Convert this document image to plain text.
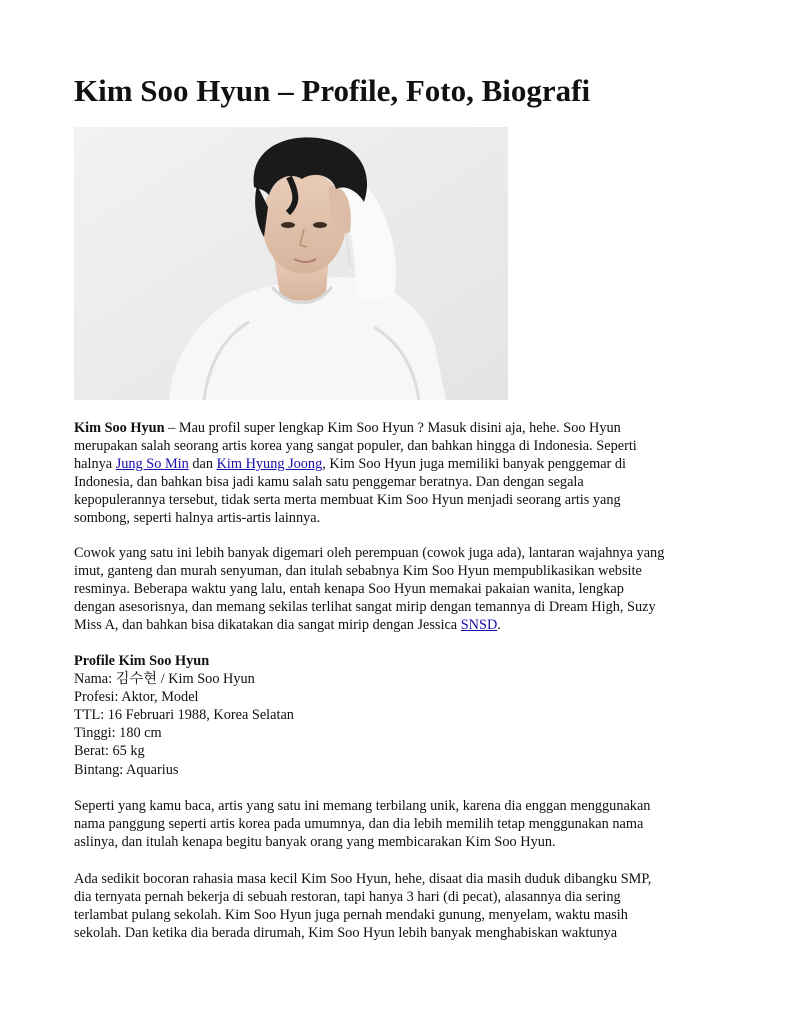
Kim Soo Hyun – Profile, Foto, Biografi
Kim Soo Hyun – Mau profil super lengkap Kim Soo Hyun ? Masuk disini aja, hehe. Soo Hyun
merupakan salah seorang artis korea yang sangat populer, dan bahkan hingga di Indonesia. Seperti
halnya Jung So Min dan Kim Hyung Joong, Kim Soo Hyun juga memiliki banyak penggemar di
Indonesia, dan bahkan bisa jadi kamu salah satu penggemar beratnya. Dan dengan segala
kepopulerannya tersebut, tidak serta merta membuat Kim Soo Hyun menjadi seorang artis yang
sombong, seperti halnya artis-artis lainnya.
Cowok yang satu ini lebih banyak digemari oleh perempuan (cowok juga ada), lantaran wajahnya yang
imut, ganteng dan murah senyuman, dan itulah sebabnya Kim Soo Hyun mempublikasikan website
resminya. Beberapa waktu yang lalu, entah kenapa Soo Hyun memakai pakaian wanita, lengkap
dengan asesorisnya, dan memang sekilas terlihat sangat mirip dengan temannya di Dream High, Suzy
Miss A, dan bahkan bisa dikatakan dia sangat mirip dengan Jessica SNSD.
Profile Kim Soo Hyun
Nama: 김수현 / Kim Soo Hyun
Profesi: Aktor, Model
TTL: 16 Februari 1988, Korea Selatan
Tinggi: 180 cm
Berat: 65 kg
Bintang: Aquarius
Seperti yang kamu baca, artis yang satu ini memang terbilang unik, karena dia enggan menggunakan
nama panggung seperti artis korea pada umumnya, dan dia lebih memilih tetap menggunakan nama
aslinya, dan itulah kenapa begitu banyak orang yang membicarakan Kim Soo Hyun.
Ada sedikit bocoran rahasia masa kecil Kim Soo Hyun, hehe, disaat dia masih duduk dibangku SMP,
dia ternyata pernah bekerja di sebuah restoran, tapi hanya 3 hari (di pecat), alasannya dia sering
terlambat pulang sekolah. Kim Soo Hyun juga pernah mendaki gunung, menyelam, waktu masih
sekolah. Dan ketika dia berada dirumah, Kim Soo Hyun lebih banyak menghabiskan waktunya
